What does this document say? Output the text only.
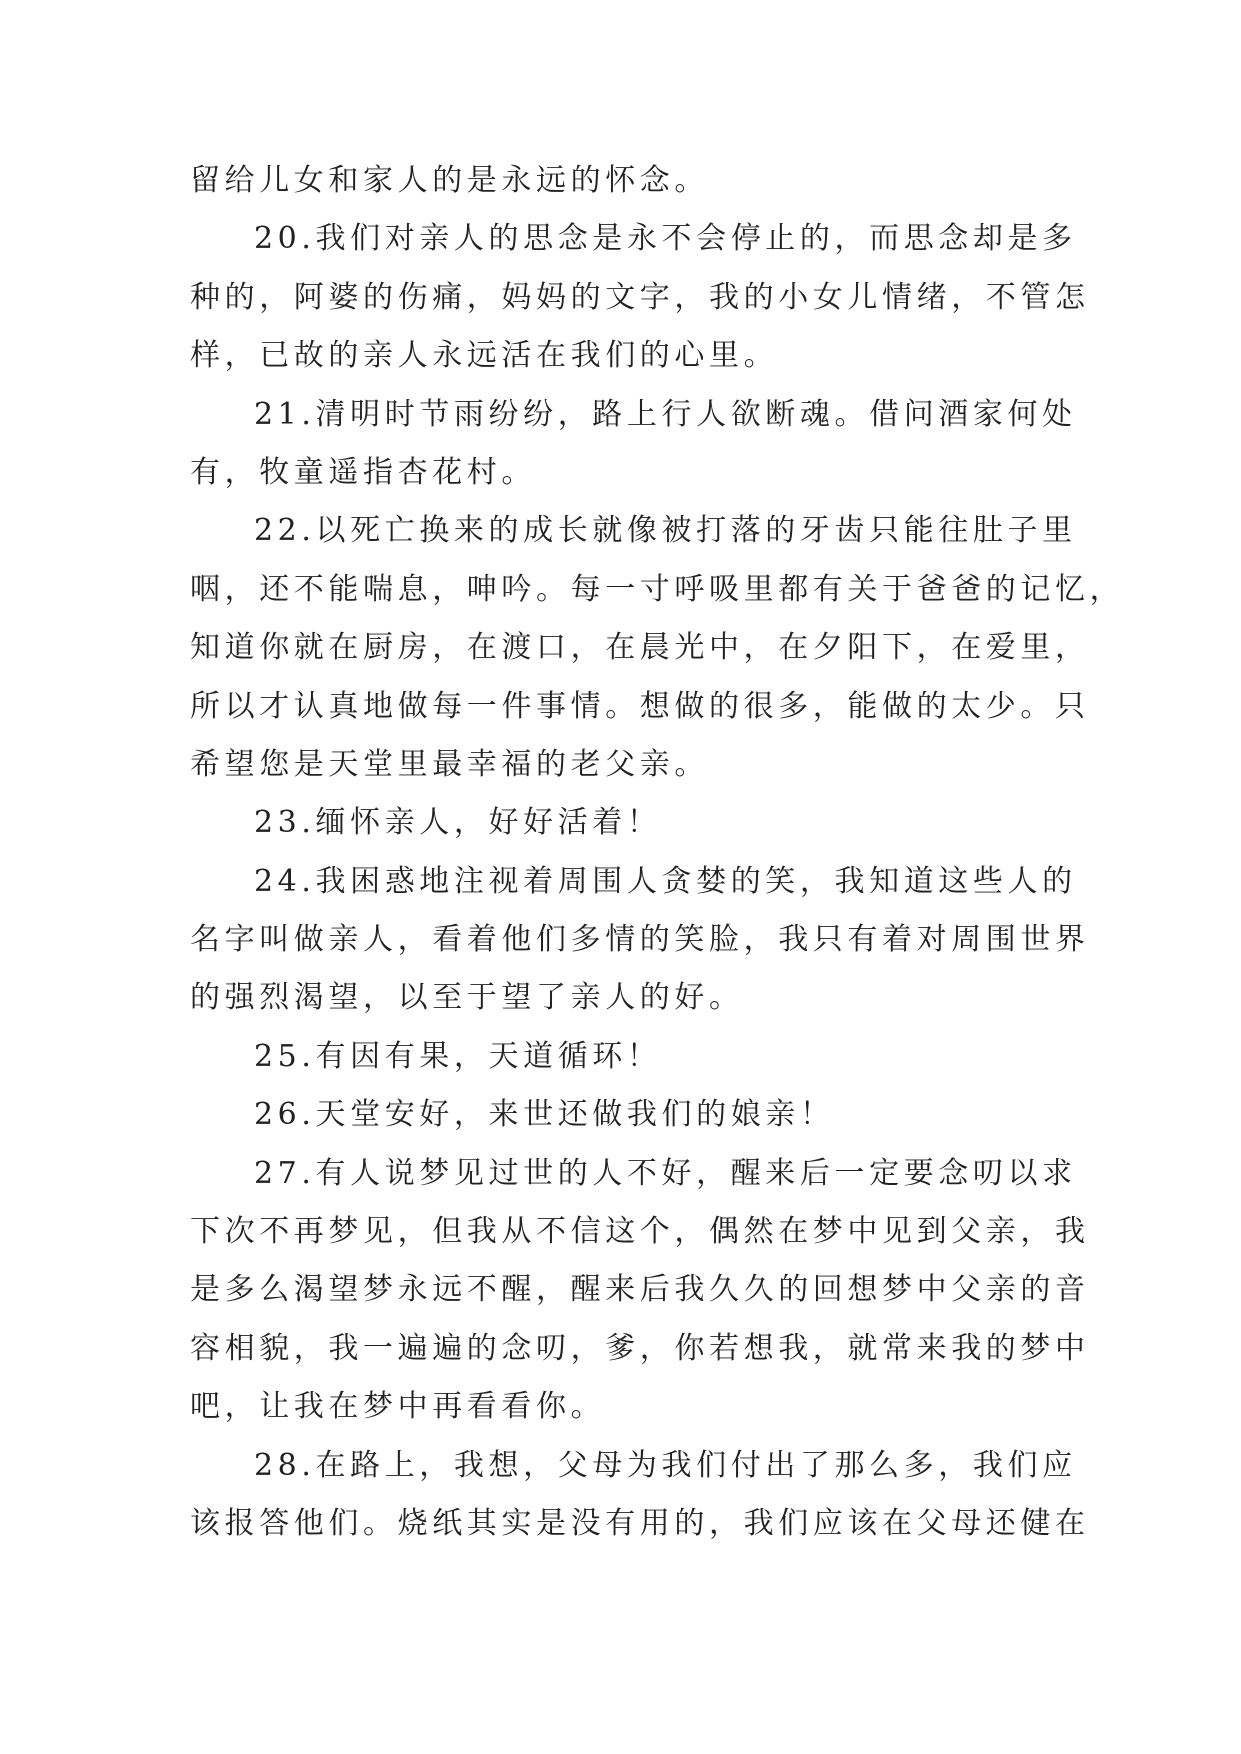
留给儿女和家人的是永远的怀念。
20.我们对亲人的思念是永不会停止的，而思念却是多
种的，阿婆的伤痛，妈妈的文字，我的小女儿情绪，不管怎
样，已故的亲人永远活在我们的心里。
21.清明时节雨纷纷，路上行人欲断魂。借问酒家何处
有，牧童遥指杏花村。
22.以死亡换来的成长就像被打落的牙齿只能往肚子里
咽，还不能喘息，呻吟。每一寸呼吸里都有关于爸爸的记忆，
知道你就在厨房，在渡口，在晨光中，在夕阳下，在爱里，
所以才认真地做每一件事情。想做的很多，能做的太少。只
希望您是天堂里最幸福的老父亲。
23.缅怀亲人，好好活着！
24.我困惑地注视着周围人贪婪的笑，我知道这些人的
名字叫做亲人，看着他们多情的笑脸，我只有着对周围世界
的强烈渴望，以至于望了亲人的好。
25.有因有果，天道循环！
26.天堂安好，来世还做我们的娘亲！
27.有人说梦见过世的人不好，醒来后一定要念叨以求
下次不再梦见，但我从不信这个，偶然在梦中见到父亲，我
是多么渴望梦永远不醒，醒来后我久久的回想梦中父亲的音
容相貌，我一遍遍的念叨，爹，你若想我，就常来我的梦中
吧，让我在梦中再看看你。
28.在路上，我想，父母为我们付出了那么多，我们应
该报答他们。烧纸其实是没有用的，我们应该在父母还健在
